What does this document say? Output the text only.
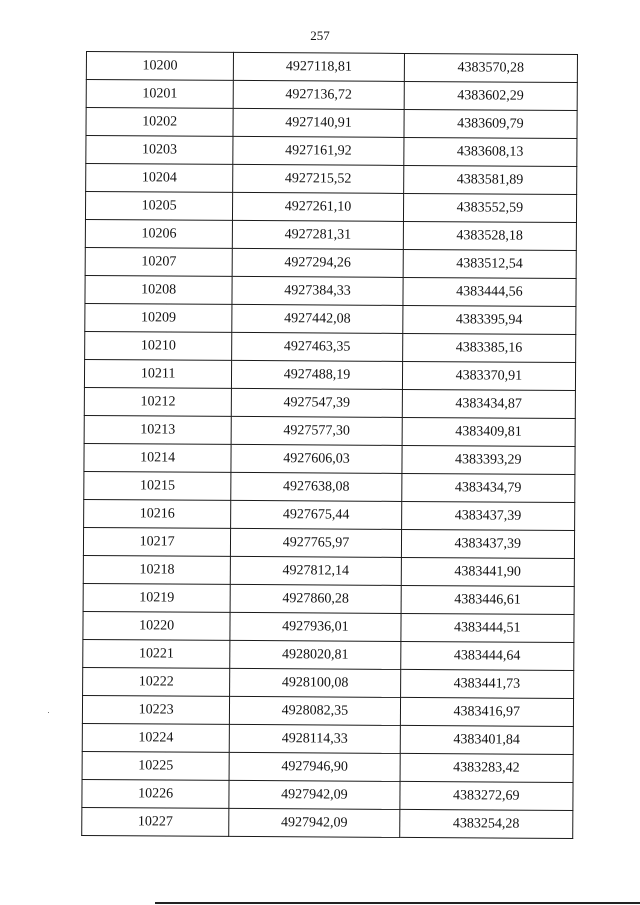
257
10200	4927118,81	4383570,28
10201	4927136,72	4383602,29
10202	4927140,91	4383609,79
10203	4927161,92	4383608,13
10204	4927215,52	4383581,89
10205	4927261,10	4383552,59
10206	4927281,31	4383528,18
10207	4927294,26	4383512,54
10208	4927384,33	4383444,56
10209	4927442,08	4383395,94
10210	4927463,35	4383385,16
10211	4927488,19	4383370,91
10212	4927547,39	4383434,87
10213	4927577,30	4383409,81
10214	4927606,03	4383393,29
10215	4927638,08	4383434,79
10216	4927675,44	4383437,39
10217	4927765,97	4383437,39
10218	4927812,14	4383441,90
10219	4927860,28	4383446,61
10220	4927936,01	4383444,51
10221	4928020,81	4383444,64
10222	4928100,08	4383441,73
10223	4928082,35	4383416,97
10224	4928114,33	4383401,84
10225	4927946,90	4383283,42
10226	4927942,09	4383272,69
10227	4927942,09	4383254,28
